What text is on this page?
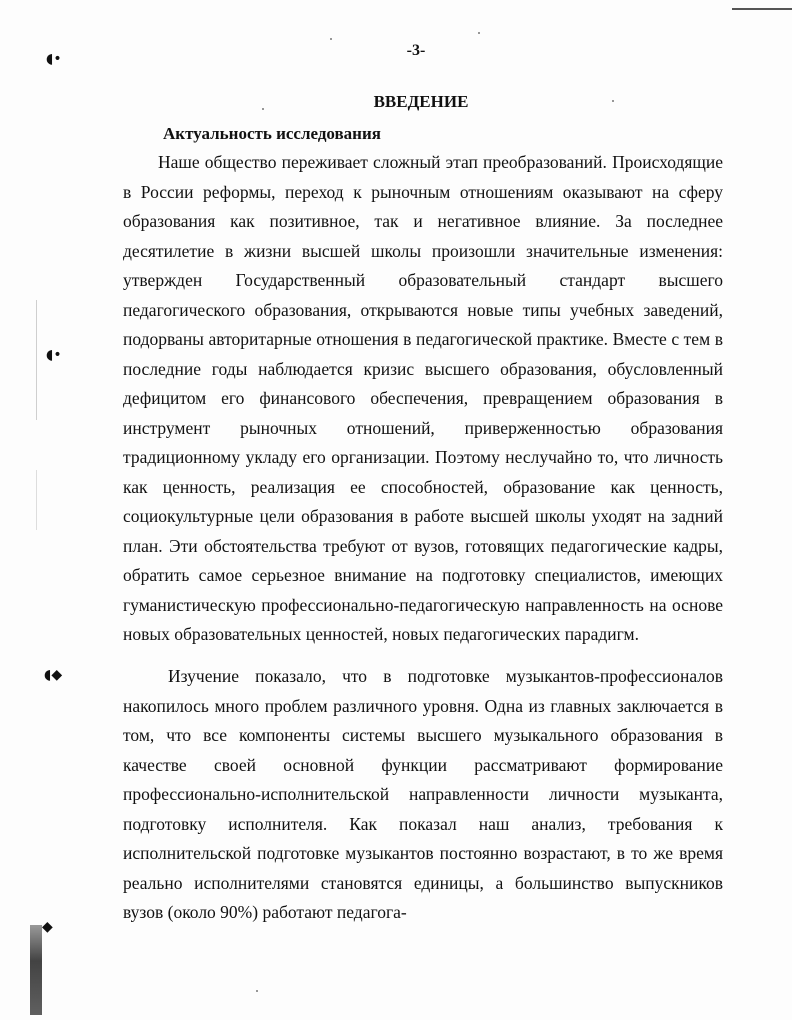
◖•
◖•
◖◆
◆
-3-
ВВЕДЕНИЕ
Актуальность исследования

Наше общество переживает сложный этап преобразований. Происходящие в России реформы, переход к рыночным отношениям оказывают на сферу образования как позитивное, так и негативное влияние. За последнее десятилетие в жизни высшей школы произошли значительные изменения: утвержден Государственный образовательный стандарт высшего педагогического образования, открываются новые типы учебных заведений, подорваны авторитарные отношения в педагогической практике. Вместе с тем в последние годы наблюдается кризис высшего образования, обусловленный дефицитом его финансового обеспечения, превращением образования в инструмент рыночных отношений, приверженностью образования традиционному укладу его организации. Поэтому неслучайно то, что личность как ценность, реализация ее способностей, образование как ценность, социокультурные цели образования в работе высшей школы уходят на задний план. Эти обстоятельства требуют от вузов, готовящих педагогические кадры, обратить самое серьезное внимание на подготовку специалистов, имеющих гуманистическую профессионально-педагогическую направленность на основе новых образовательных ценностей, новых педагогических парадигм.

Изучение показало, что в подготовке музыкантов-профессионалов накопилось много проблем различного уровня. Одна из главных заключается в том, что все компоненты системы высшего музыкального образования в качестве своей основной функции рассматривают формирование профессионально-исполнительской направленности личности музыканта, подготовку исполнителя. Как показал наш анализ, требования к исполнительской подготовке музыкантов постоянно возрастают, в то же время реально исполнителями становятся единицы, а большинство выпускников вузов (около 90%) работают педагога-
